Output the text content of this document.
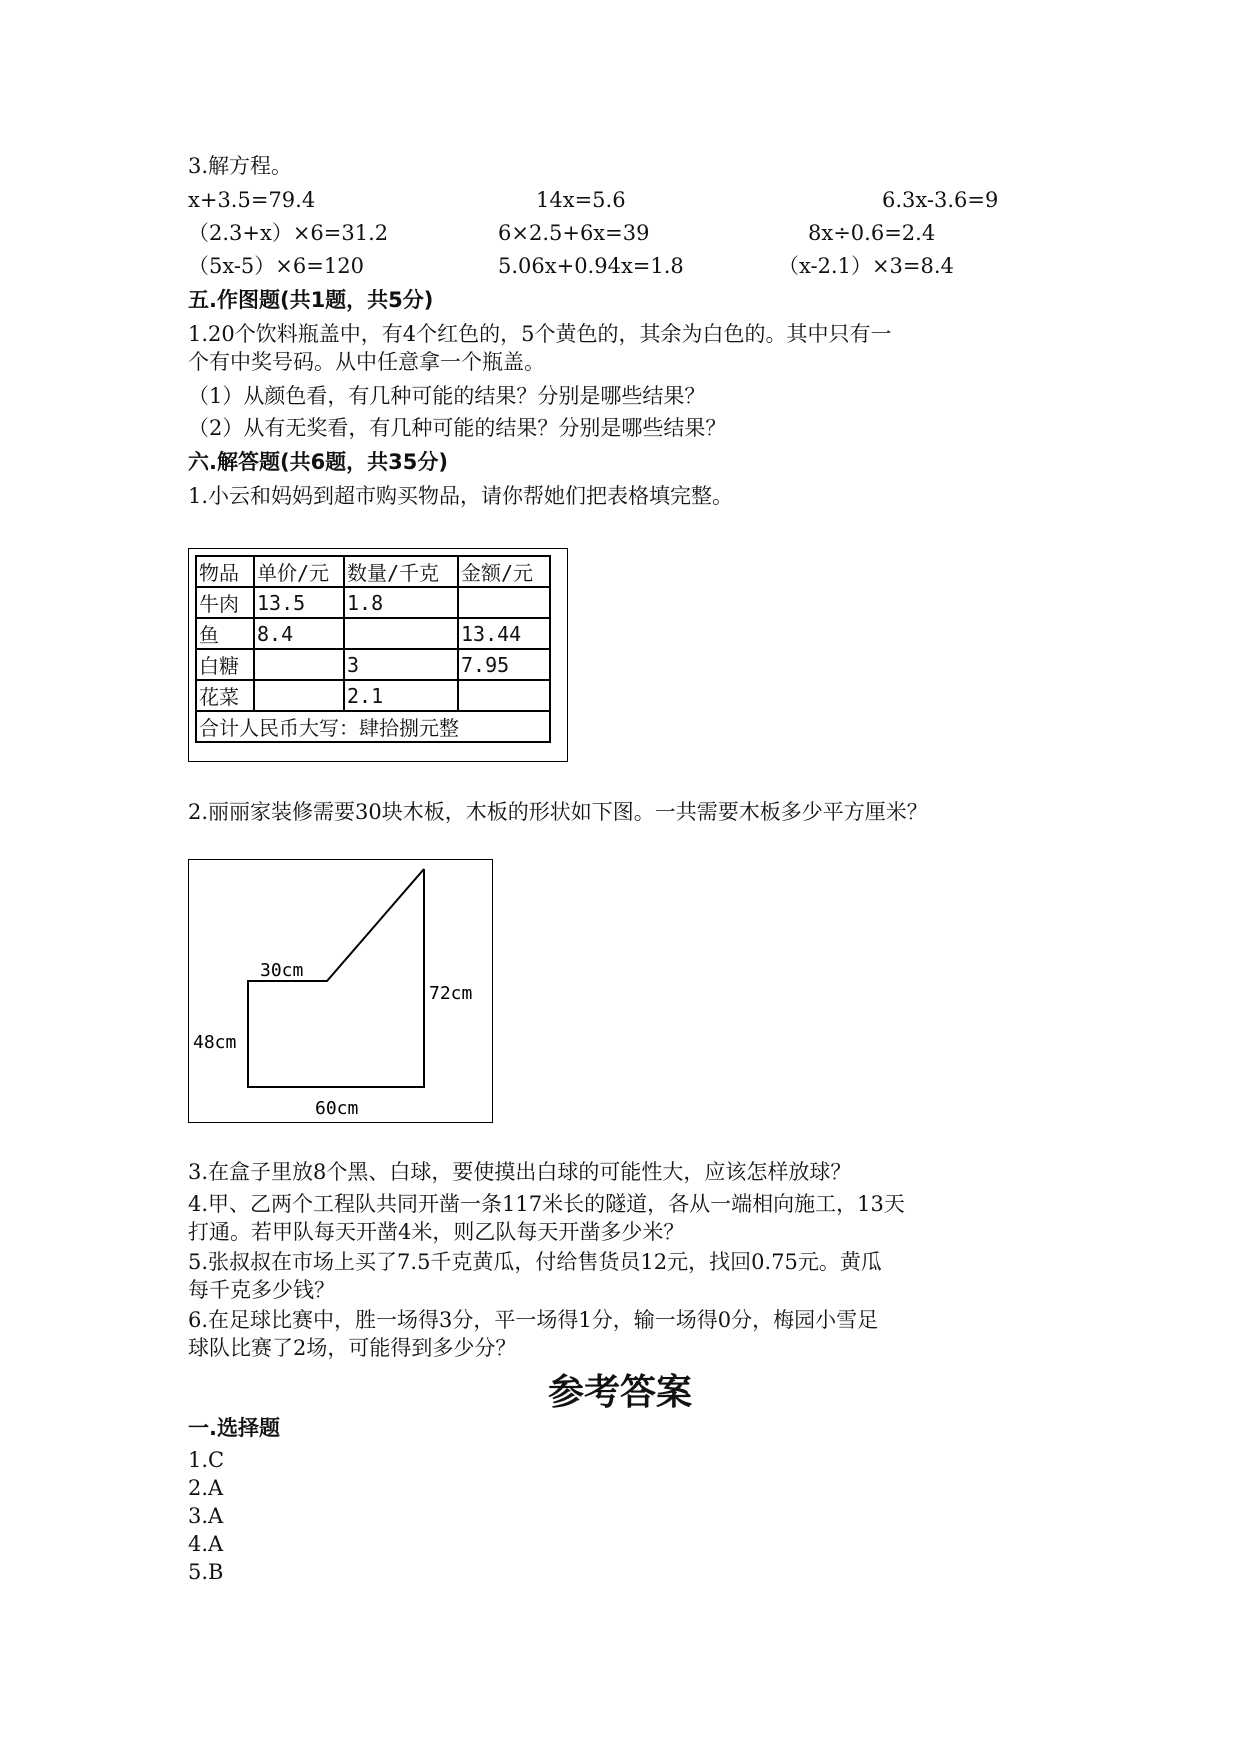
3.解方程。
x+3.5=79.4	14x=5.6	6.3x-3.6=9
（2.3+x）×6=31.2	6×2.5+6x=39	8x÷0.6=2.4
（5x-5）×6=120	5.06x+0.94x=1.8	（x-2.1）×3=8.4
五.作图题(共1题，共5分)
1.20个饮料瓶盖中，有4个红色的，5个黄色的，其余为白色的。其中只有一
个有中奖号码。从中任意拿一个瓶盖。
（1）从颜色看，有几种可能的结果？分别是哪些结果？
（2）从有无奖看，有几种可能的结果？分别是哪些结果？
六.解答题(共6题，共35分)
1.小云和妈妈到超市购买物品，请你帮她们把表格填完整。
物品	单价/元	数量/千克	金额/元
牛肉	13.5	1.8	
鱼	8.4		13.44
白糖		3	7.95
花菜		2.1	
合计人民币大写：肆拾捌元整			
2.丽丽家装修需要30块木板，木板的形状如下图。一共需要木板多少平方厘米？
30cm
72cm
48cm
60cm
3.在盒子里放8个黑、白球，要使摸出白球的可能性大，应该怎样放球？
4.甲、乙两个工程队共同开凿一条117米长的隧道，各从一端相向施工，13天
打通。若甲队每天开凿4米，则乙队每天开凿多少米？
5.张叔叔在市场上买了7.5千克黄瓜，付给售货员12元，找回0.75元。黄瓜
每千克多少钱？
6.在足球比赛中，胜一场得3分，平一场得1分，输一场得0分，梅园小雪足
球队比赛了2场，可能得到多少分？
参考答案
一.选择题
1.C
2.A
3.A
4.A
5.B
